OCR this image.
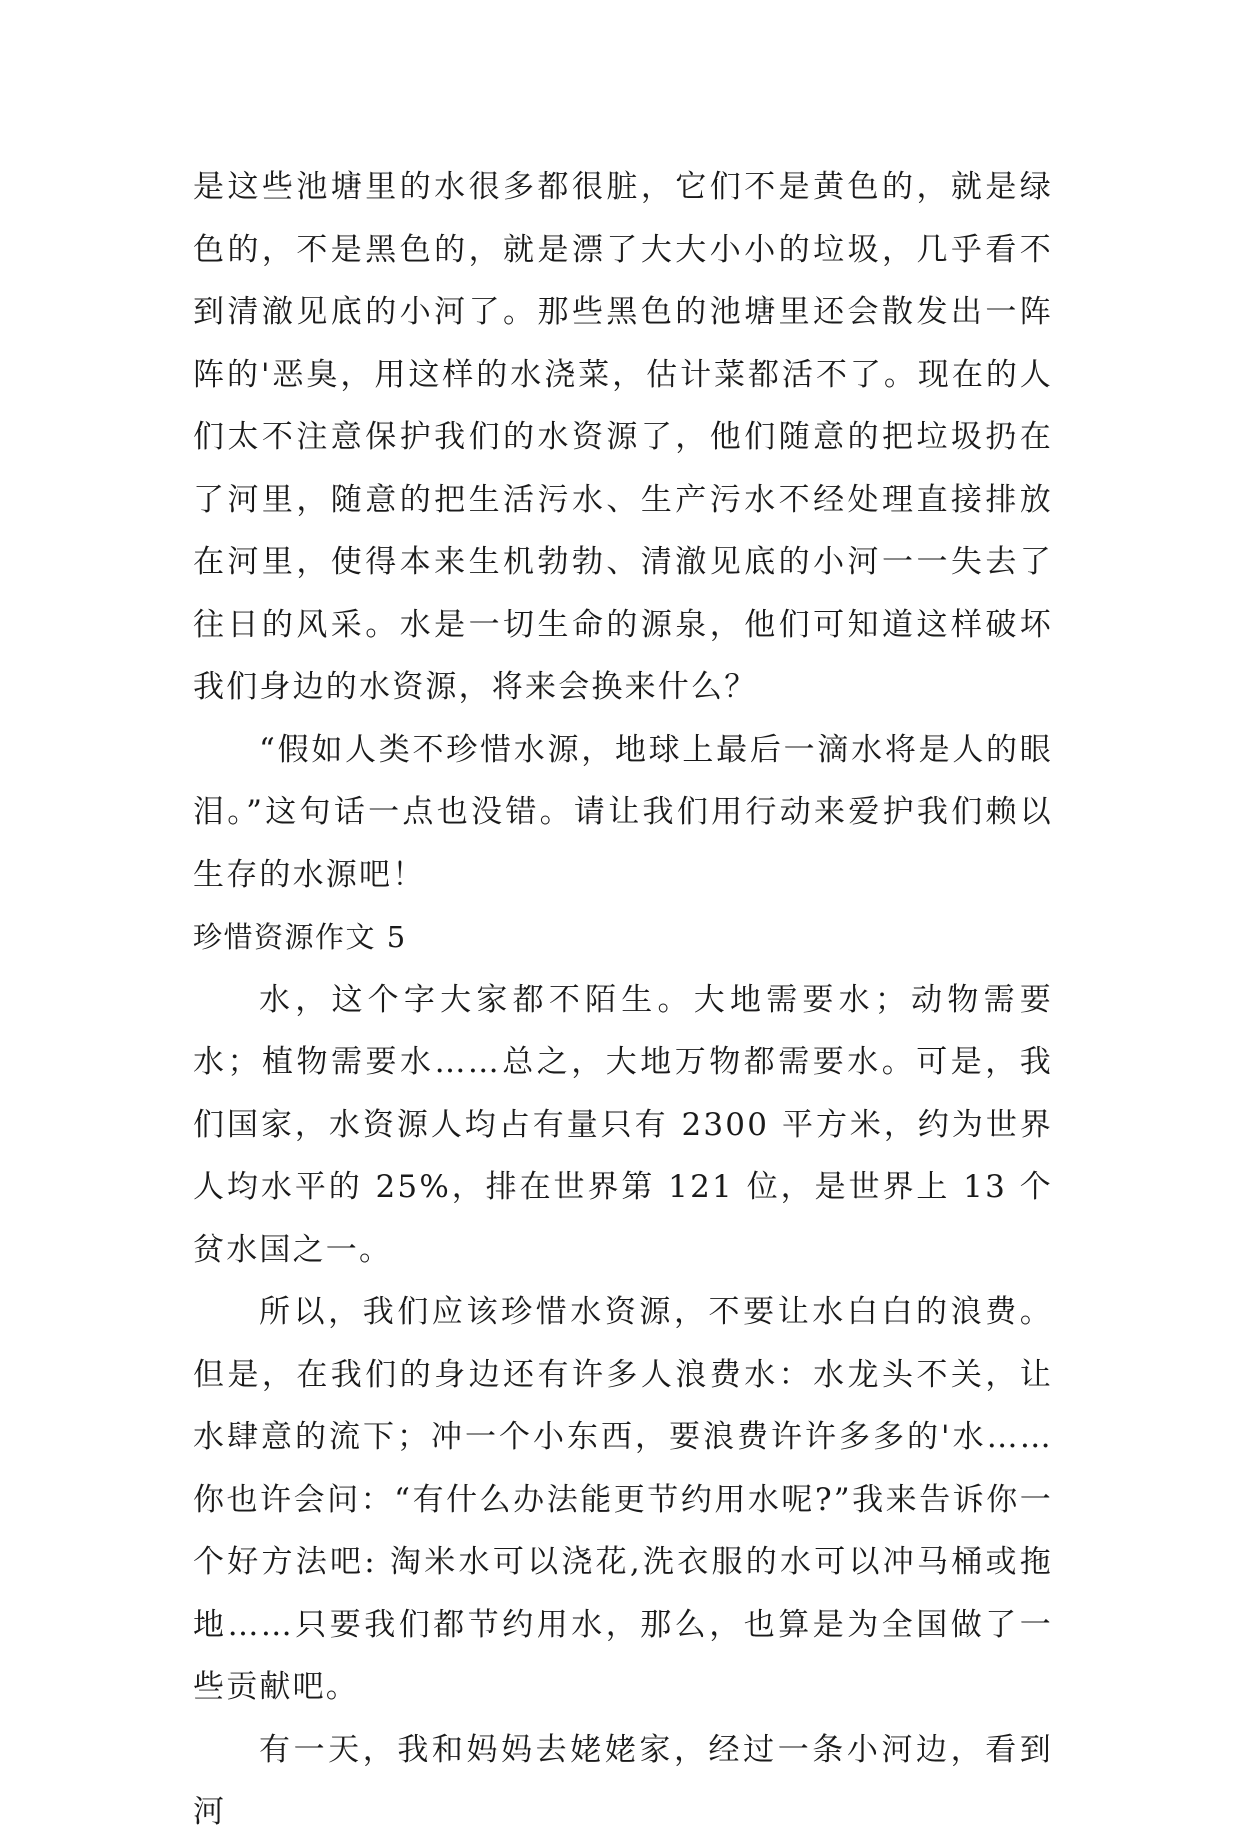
是这些池塘里的水很多都很脏，它们不是黄色的，就是绿色的，不是黑色的，就是漂了大大小小的垃圾，几乎看不到清澈见底的小河了。那些黑色的池塘里还会散发出一阵阵的'恶臭，用这样的水浇菜，估计菜都活不了。现在的人们太不注意保护我们的水资源了，他们随意的把垃圾扔在了河里，随意的把生活污水、生产污水不经处理直接排放在河里，使得本来生机勃勃、清澈见底的小河一一失去了往日的风采。水是一切生命的源泉，他们可知道这样破坏我们身边的水资源，将来会换来什么？

“假如人类不珍惜水源，地球上最后一滴水将是人的眼泪。”这句话一点也没错。请让我们用行动来爱护我们赖以生存的水源吧！

珍惜资源作文 5

水，这个字大家都不陌生。大地需要水；动物需要水；植物需要水……总之，大地万物都需要水。可是，我们国家，水资源人均占有量只有 2300 平方米，约为世界人均水平的 25%，排在世界第 121 位，是世界上 13 个贫水国之一。

所以，我们应该珍惜水资源，不要让水白白的浪费。但是，在我们的身边还有许多人浪费水：水龙头不关，让水肆意的流下；冲一个小东西，要浪费许许多多的'水……你也许会问：“有什么办法能更节约用水呢?”我来告诉你一个好方法吧: 淘米水可以浇花,洗衣服的水可以冲马桶或拖地……只要我们都节约用水，那么，也算是为全国做了一些贡献吧。

有一天，我和妈妈去姥姥家，经过一条小河边，看到河
